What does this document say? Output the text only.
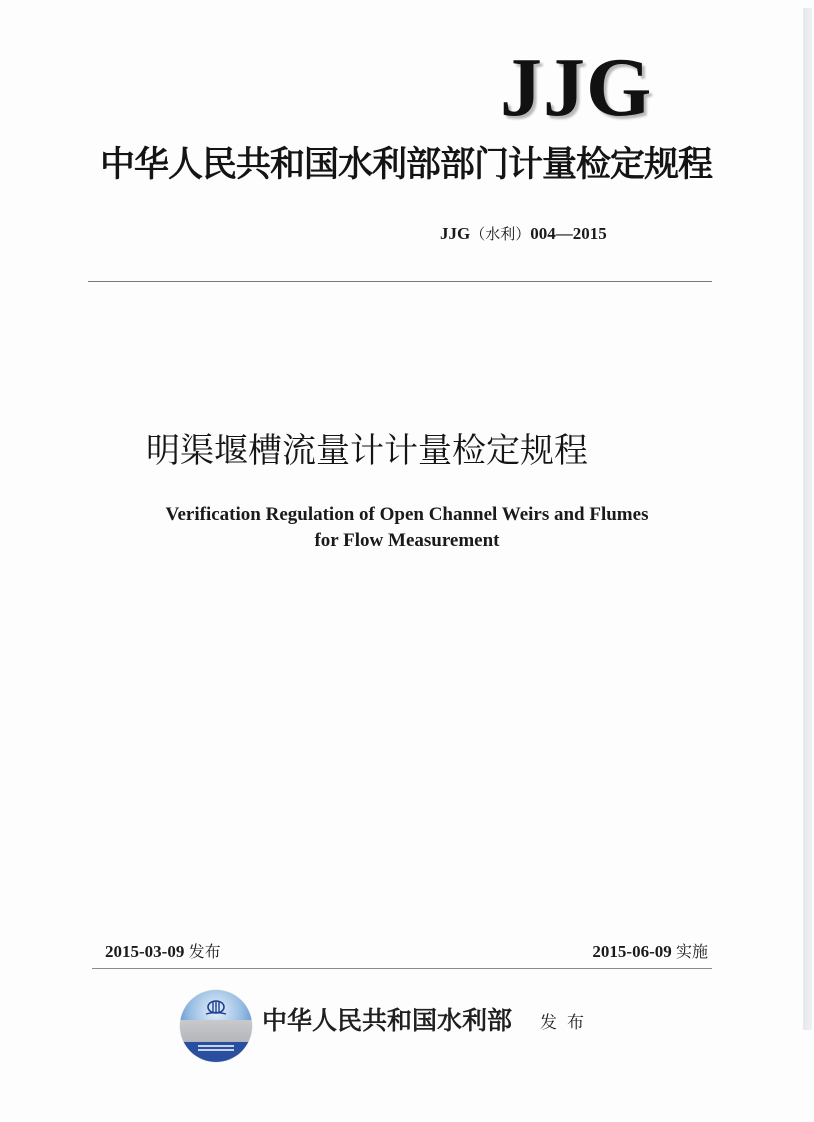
JJG
中华人民共和国水利部部门计量检定规程
JJG（水利）004—2015
明渠堰槽流量计计量检定规程
Verification Regulation of Open Channel Weirs and Flumes
for Flow Measurement
2015-03-09 发布	2015-06-09 实施
中华人民共和国水利部 发布
